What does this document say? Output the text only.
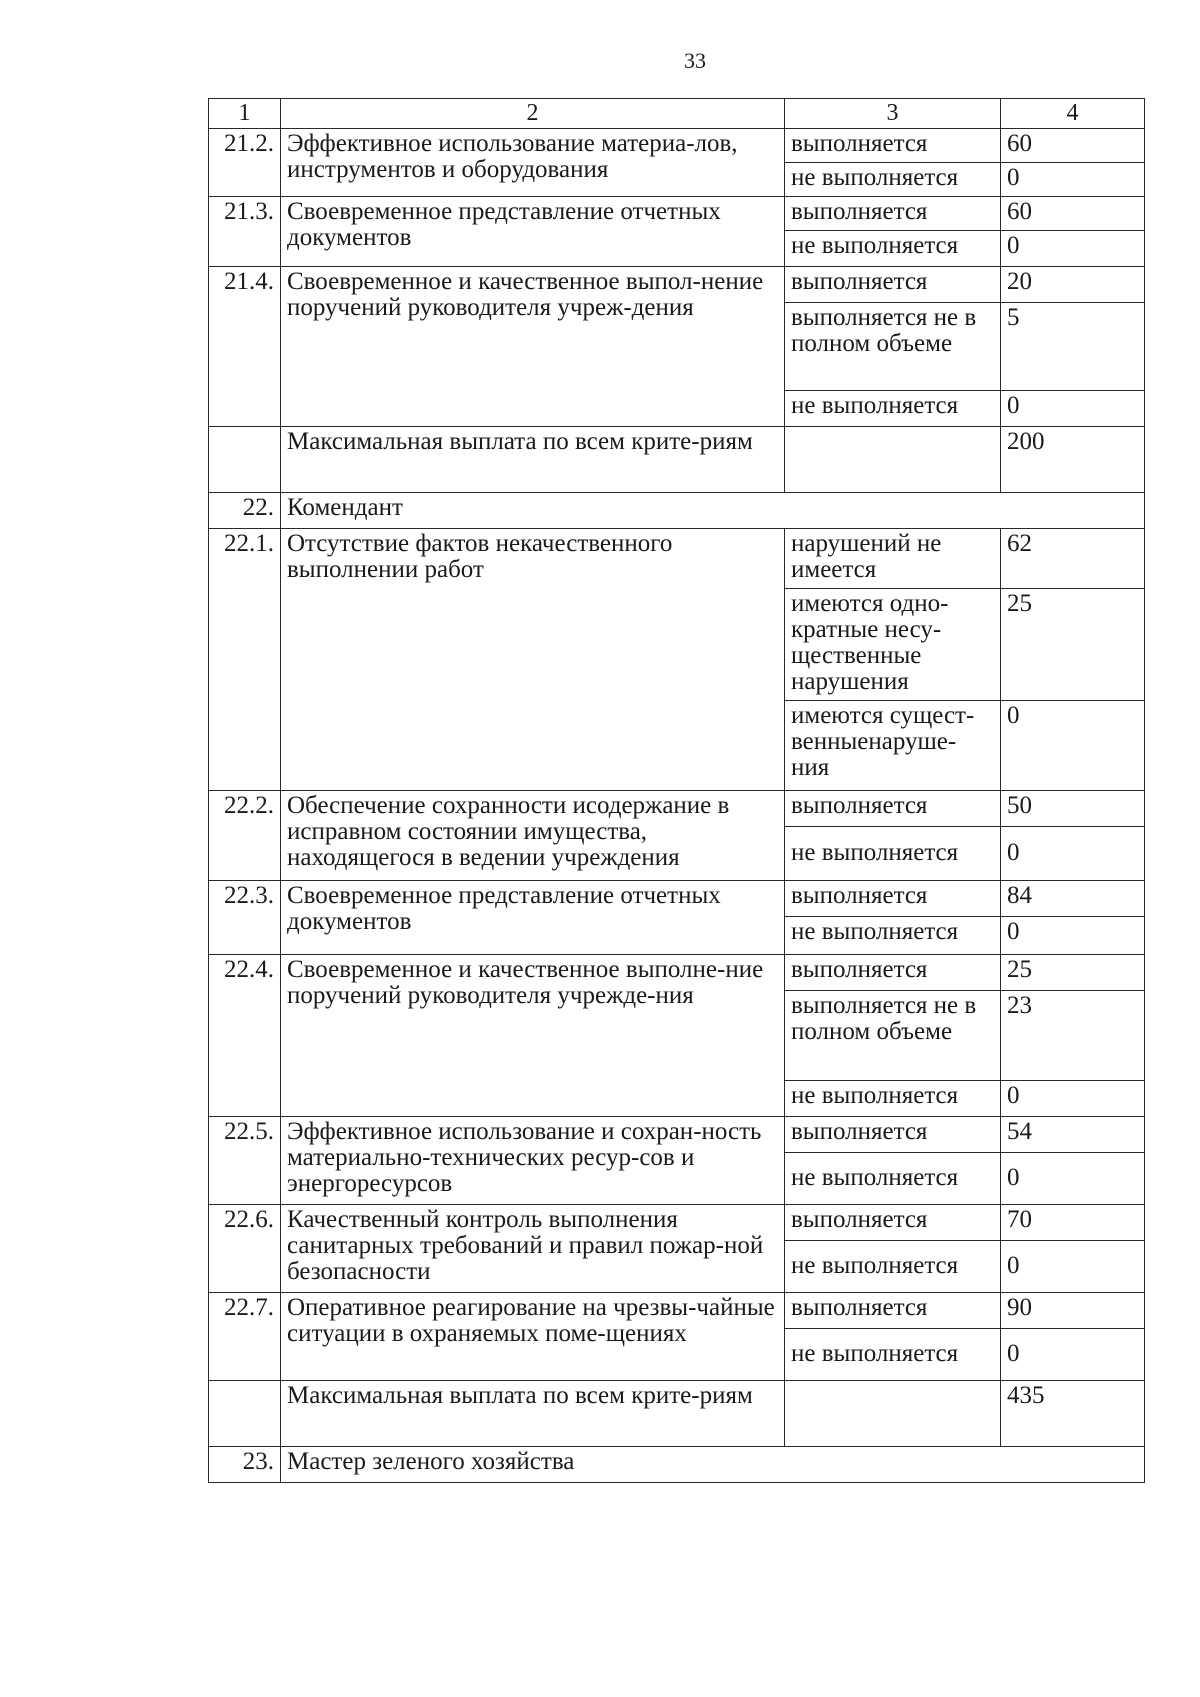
33
1	2	3	4
21.2.	Эффективное использование материа-лов, инструментов и оборудования	выполняется	60
		не выполняется	0
21.3.	Своевременное представление отчетных документов	выполняется	60
		не выполняется	0
21.4.	Своевременное и качественное выпол-нение поручений руководителя учреж-дения	выполняется	20
		выполняется не в полном объеме	5
		не выполняется	0
	Максимальная выплата по всем крите-риям		200
22.	Комендант		
22.1.	Отсутствие фактов некачественного выполнении работ	нарушений не имеется	62
		имеются одно-кратные несу-щественные нарушения	25
		имеются сущест-венныенаруше-ния	0
22.2.	Обеспечение сохранности исодержание в исправном состоянии имущества, находящегося в ведении учреждения	выполняется	50
		не выполняется	0
22.3.	Своевременное представление отчетных документов	выполняется	84
		не выполняется	0
22.4.	Своевременное и качественное выполне-ние поручений руководителя учрежде-ния	выполняется	25
		выполняется не в полном объеме	23
		не выполняется	0
22.5.	Эффективное использование и сохран-ность материально-технических ресур-сов и энергоресурсов	выполняется	54
		не выполняется	0
22.6.	Качественный контроль выполнения санитарных требований и правил пожар-ной безопасности	выполняется	70
		не выполняется	0
22.7.	Оперативное реагирование на чрезвы-чайные ситуации в охраняемых поме-щениях	выполняется	90
		не выполняется	0
	Максимальная выплата по всем крите-риям		435
23.	Мастер зеленого хозяйства		
